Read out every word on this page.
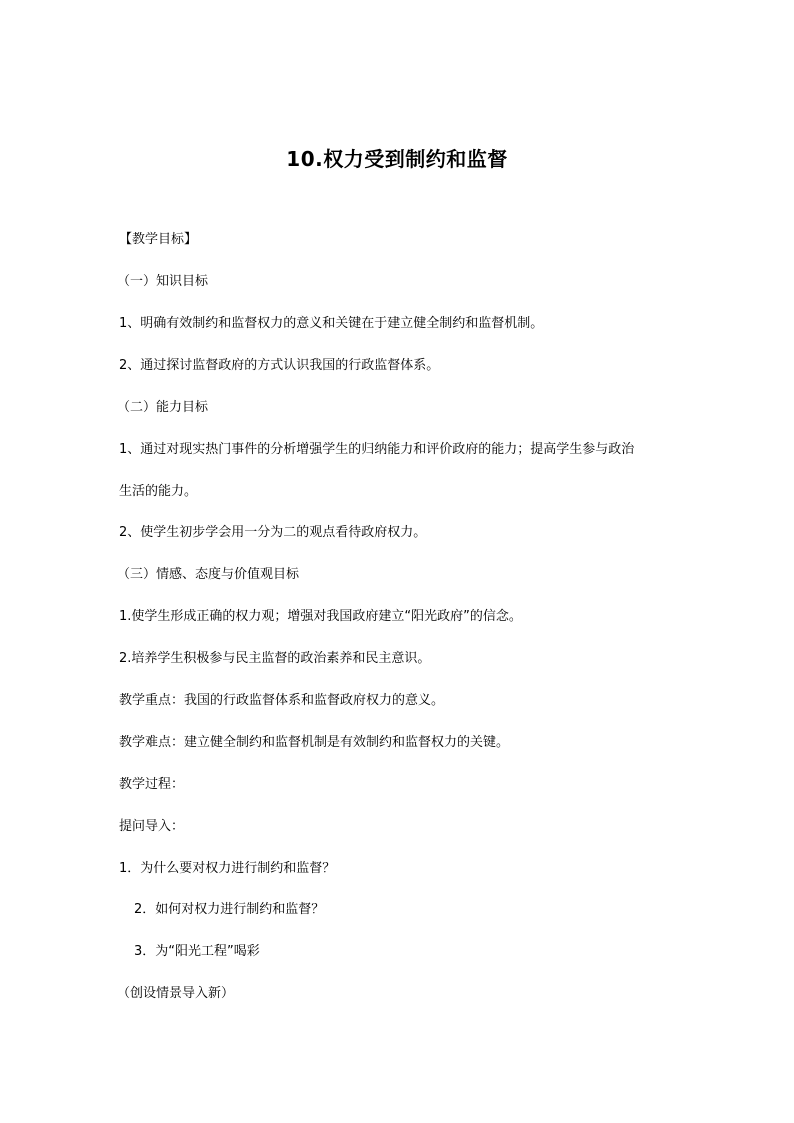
10.权力受到制约和监督
【教学目标】
（一）知识目标
1、明确有效制约和监督权力的意义和关键在于建立健全制约和监督机制。
2、通过探讨监督政府的方式认识我国的行政监督体系。
（二）能力目标
1、通过对现实热门事件的分析增强学生的归纳能力和评价政府的能力；提高学生参与政治
生活的能力。
2、使学生初步学会用一分为二的观点看待政府权力。
（三）情感、态度与价值观目标
1.使学生形成正确的权力观；增强对我国政府建立“阳光政府”的信念。
2.培养学生积极参与民主监督的政治素养和民主意识。
教学重点：我国的行政监督体系和监督政府权力的意义。
教学难点：建立健全制约和监督机制是有效制约和监督权力的关键。
教学过程：
提问导入：
1．为什么要对权力进行制约和监督？
2．如何对权力进行制约和监督？
3．为“阳光工程”喝彩
（创设情景导入新）
